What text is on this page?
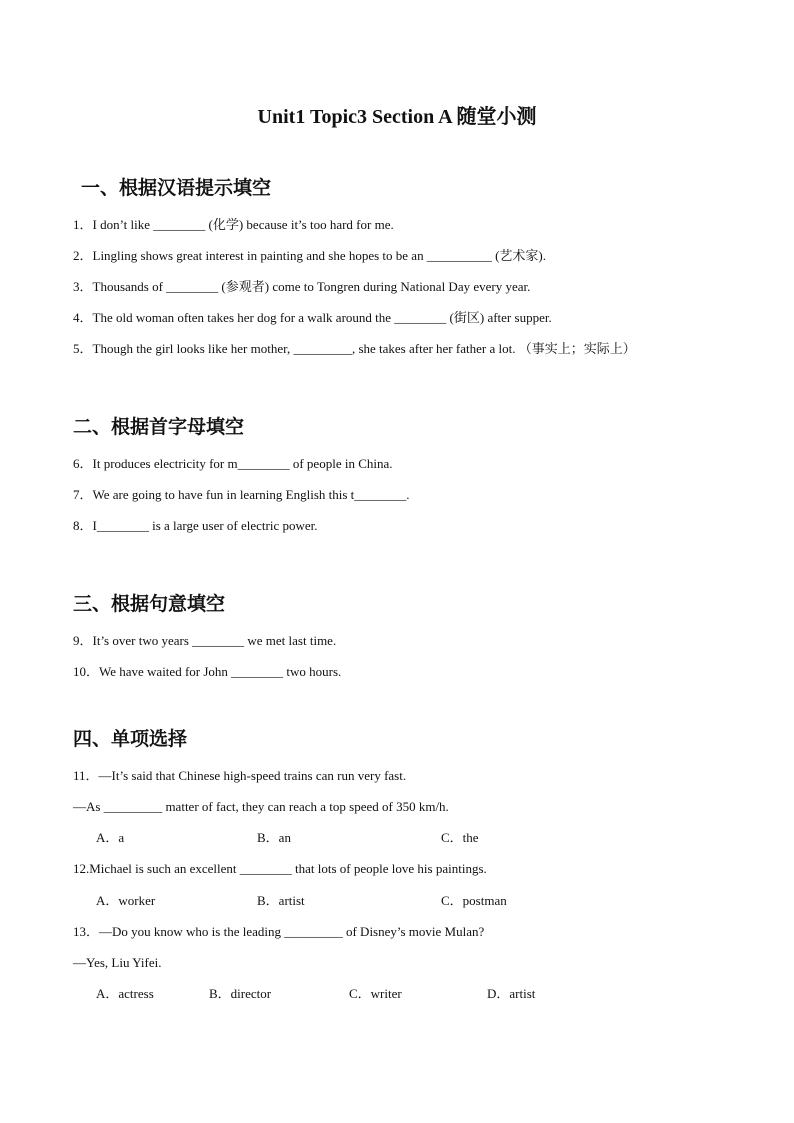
Unit1 Topic3 Section A 随堂小测
一、根据汉语提示填空
1．I don’t like ________ (化学) because it’s too hard for me.
2．Lingling shows great interest in painting and she hopes to be an __________ (艺术家).
3．Thousands of ________ (参观者) come to Tongren during National Day every year.
4．The old woman often takes her dog for a walk around the ________ (街区) after supper.
5．Though the girl looks like her mother, _________, she takes after her father a lot. （事实上；实际上）
二、根据首字母填空
6．It produces electricity for m________ of people in China.
7．We are going to have fun in learning English this t________.
8．I________ is a large user of electric power.
三、根据句意填空
9．It’s over two years ________ we met last time.
10．We have waited for John ________ two hours.
四、单项选择
11．—It’s said that Chinese high-speed trains can run very fast.
—As _________ matter of fact, they can reach a top speed of 350 km/h.
A．a	B．an	C．the
12.Michael is such an excellent ________ that lots of people love his paintings.
A．worker	B．artist	C．postman
13．—Do you know who is the leading _________ of Disney’s movie Mulan?
—Yes, Liu Yifei.
A．actress	B．director	C．writer	D．artist
